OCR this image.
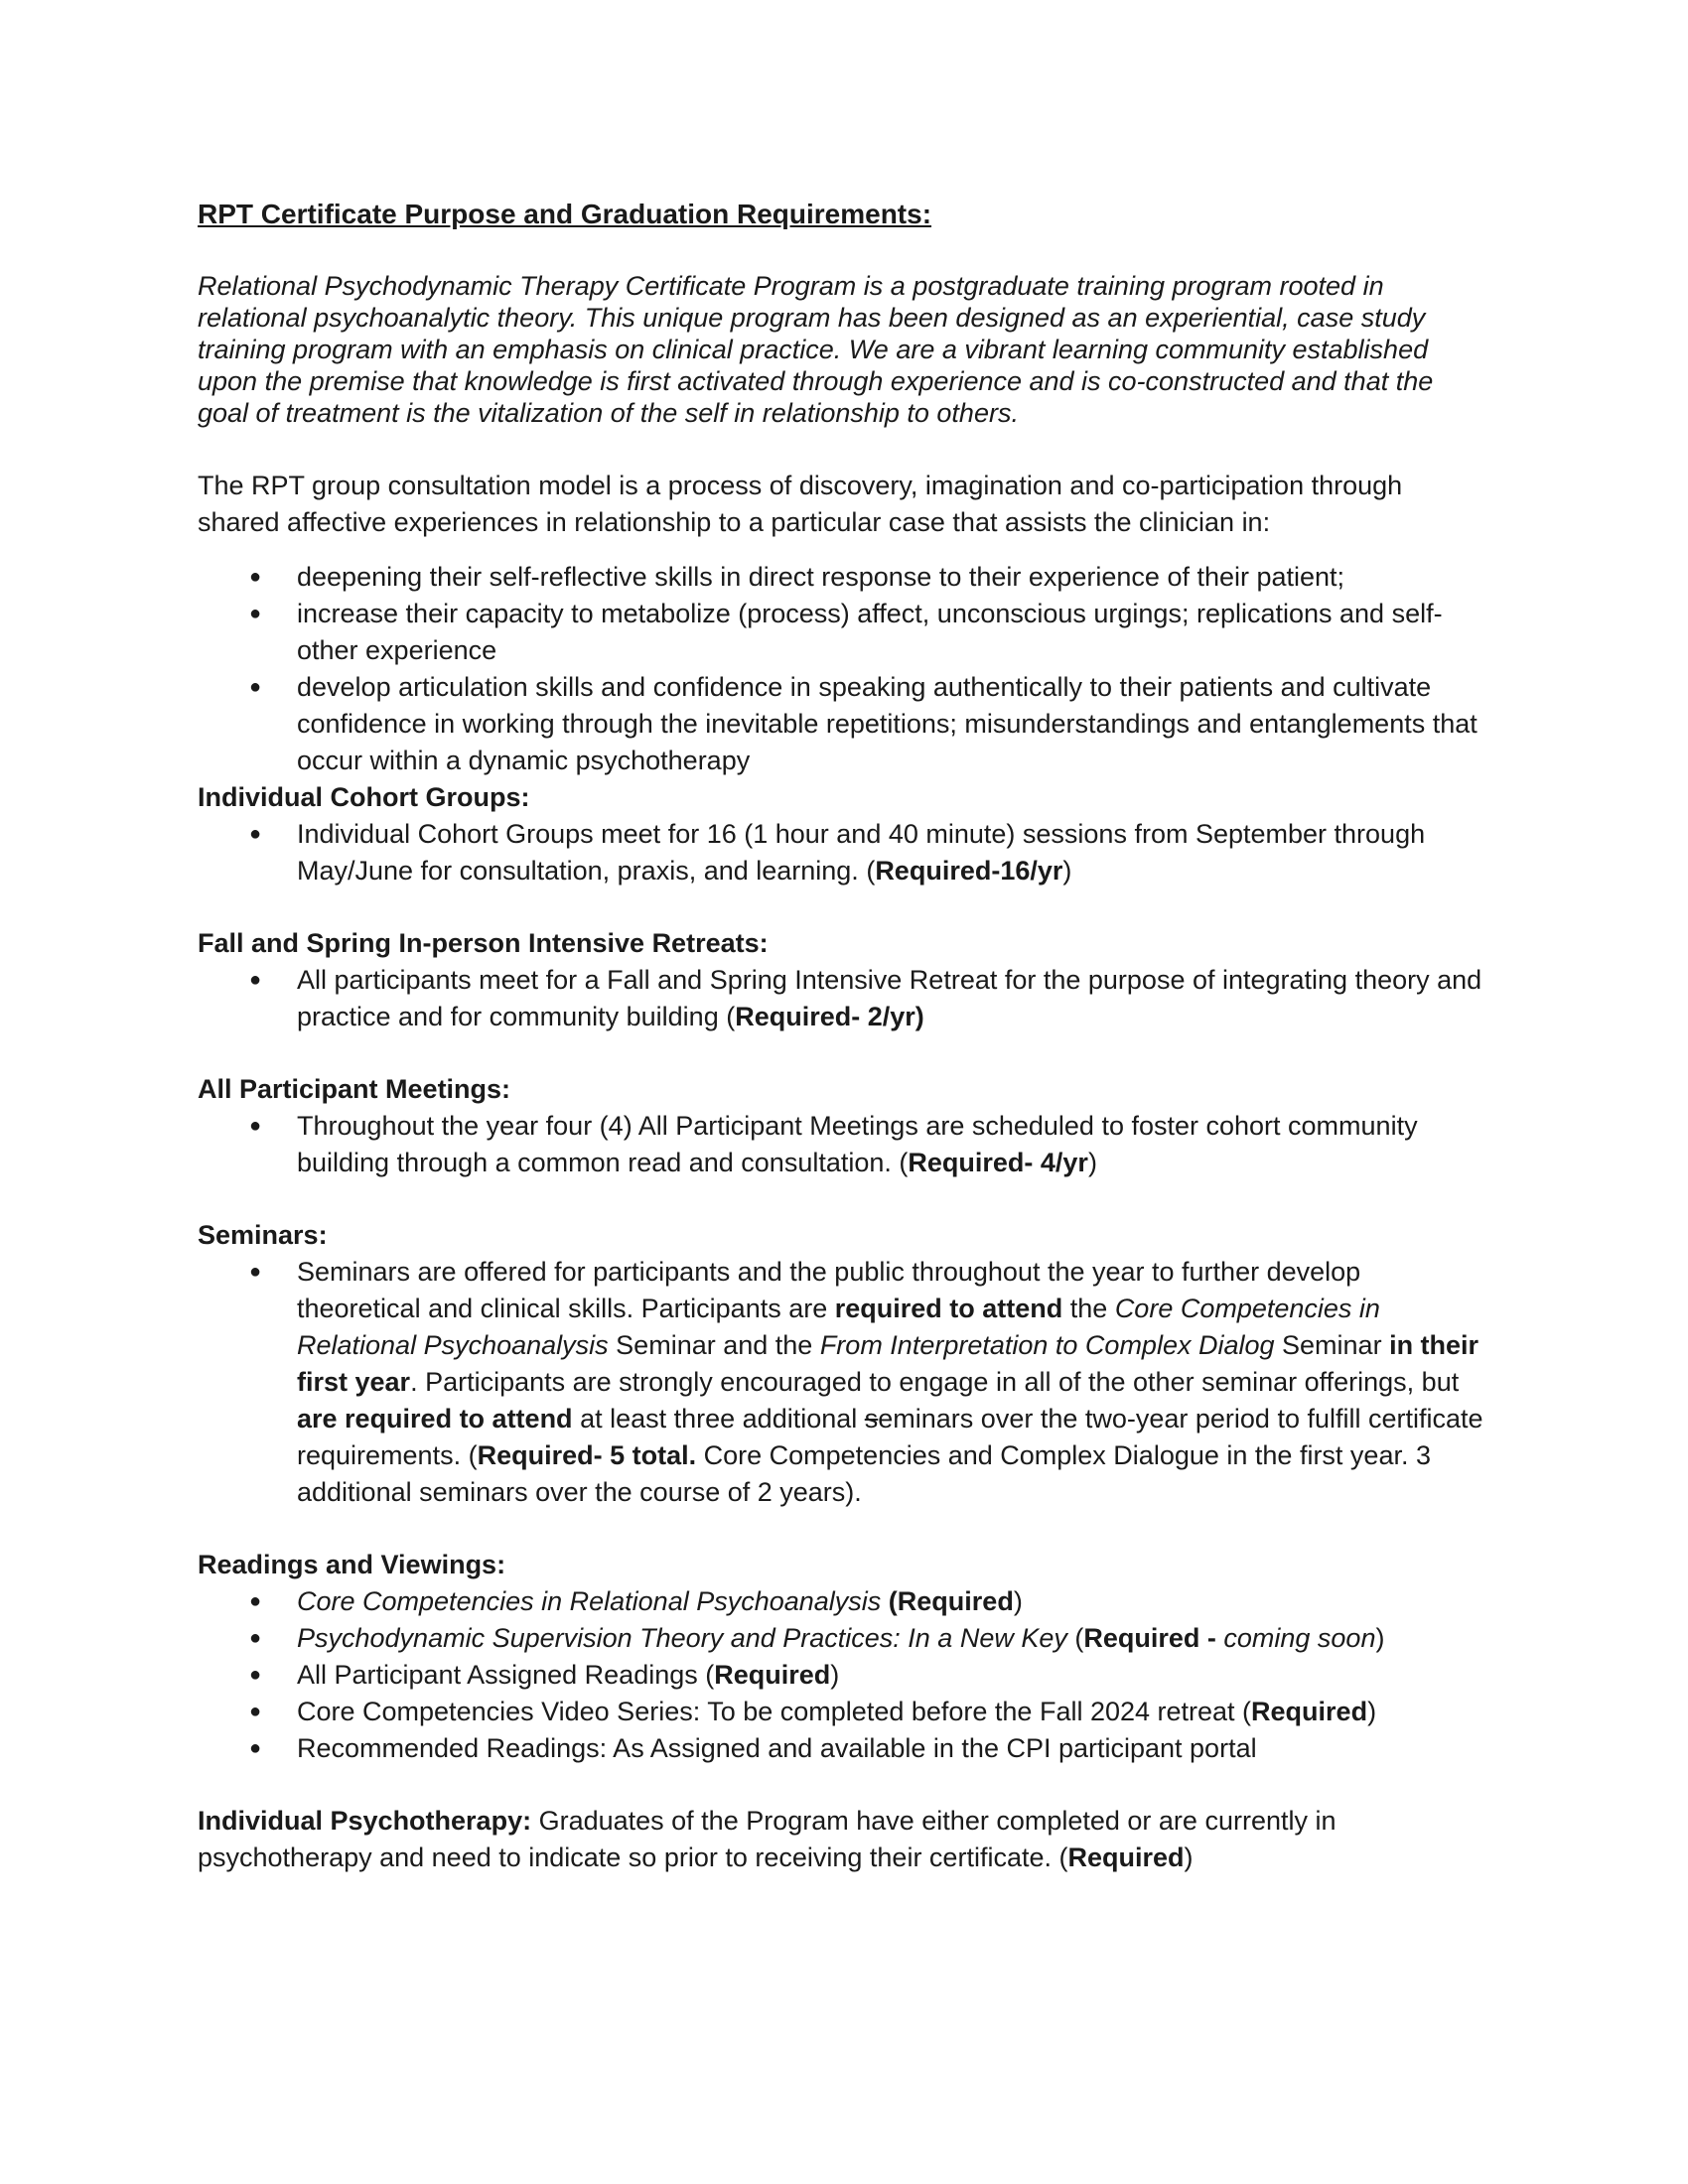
RPT Certificate Purpose and Graduation Requirements:

Relational Psychodynamic Therapy Certificate Program is a postgraduate training program rooted in relational psychoanalytic theory. This unique program has been designed as an experiential, case study training program with an emphasis on clinical practice. We are a vibrant learning community established upon the premise that knowledge is first activated through experience and is co-constructed and that the goal of treatment is the vitalization of the self in relationship to others.

The RPT group consultation model is a process of discovery, imagination and co-participation through shared affective experiences in relationship to a particular case that assists the clinician in:

● deepening their self-reflective skills in direct response to their experience of their patient;
● increase their capacity to metabolize (process) affect, unconscious urgings; replications and self-other experience
● develop articulation skills and confidence in speaking authentically to their patients and cultivate confidence in working through the inevitable repetitions; misunderstandings and entanglements that occur within a dynamic psychotherapy

Individual Cohort Groups:

● Individual Cohort Groups meet for 16 (1 hour and 40 minute) sessions from September through May/June for consultation, praxis, and learning. (Required-16/yr)

Fall and Spring In-person Intensive Retreats:

● All participants meet for a Fall and Spring Intensive Retreat for the purpose of integrating theory and practice and for community building (Required- 2/yr)

All Participant Meetings:

● Throughout the year four (4) All Participant Meetings are scheduled to foster cohort community building through a common read and consultation. (Required- 4/yr)

Seminars:

● Seminars are offered for participants and the public throughout the year to further develop theoretical and clinical skills. Participants are required to attend the Core Competencies in Relational Psychoanalysis Seminar and the From Interpretation to Complex Dialog Seminar in their first year. Participants are strongly encouraged to engage in all of the other seminar offerings, but are required to attend at least three additional seminars over the two-year period to fulfill certificate requirements. (Required- 5 total. Core Competencies and Complex Dialogue in the first year. 3 additional seminars over the course of 2 years).

Readings and Viewings:

● Core Competencies in Relational Psychoanalysis (Required)
● Psychodynamic Supervision Theory and Practices: In a New Key (Required - coming soon)
● All Participant Assigned Readings (Required)
● Core Competencies Video Series: To be completed before the Fall 2024 retreat (Required)
● Recommended Readings: As Assigned and available in the CPI participant portal

Individual Psychotherapy: Graduates of the Program have either completed or are currently in psychotherapy and need to indicate so prior to receiving their certificate. (Required)
